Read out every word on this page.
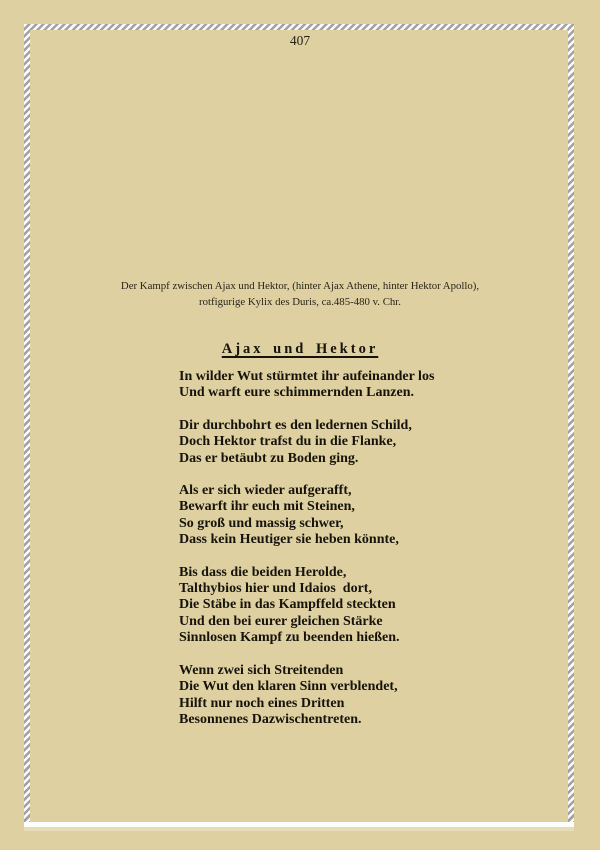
407
Der Kampf zwischen Ajax und Hektor, (hinter Ajax Athene, hinter Hektor Apollo),
rotfigurige Kylix des Duris, ca.485-480 v. Chr.
Ajax und Hektor
In wilder Wut stürmtet ihr aufeinander los
Und warft eure schimmernden Lanzen.
Dir durchbohrt es den ledernen Schild,
Doch Hektor trafst du in die Flanke,
Das er betäubt zu Boden ging.
Als er sich wieder aufgerafft,
Bewarft ihr euch mit Steinen,
So groß und massig schwer,
Dass kein Heutiger sie heben könnte,
Bis dass die beiden Herolde,
Talthybios hier und Idaios  dort,
Die Stäbe in das Kampffeld steckten
Und den bei eurer gleichen Stärke
Sinnlosen Kampf zu beenden hießen.
Wenn zwei sich Streitenden
Die Wut den klaren Sinn verblendet,
Hilft nur noch eines Dritten
Besonnenes Dazwischentreten.
